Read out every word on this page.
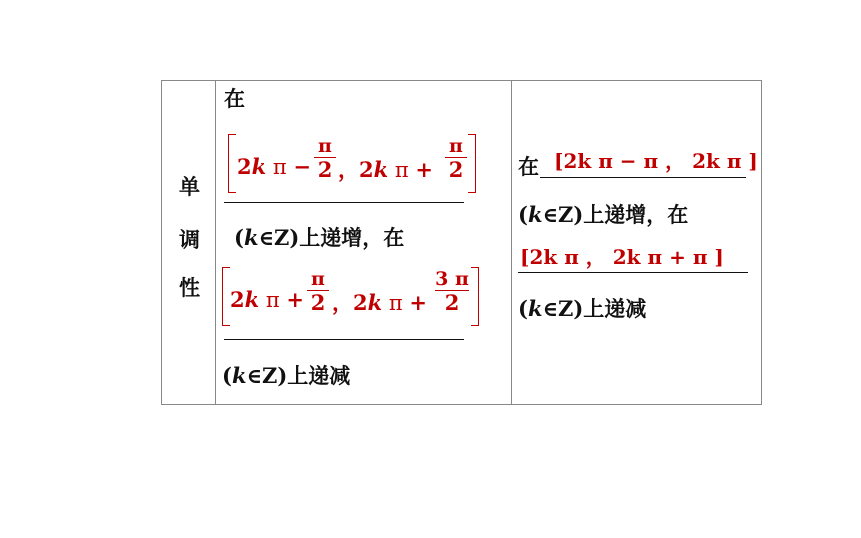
单
调
性
在
2k π −
π
2 ，2k π +
π
2
(k∈Z)上递增，在
2k π +
π
2 ，2k π +
3 π
2
(k∈Z)上递减
在 [2k π − π ， 2k π ]
(k∈Z)上递增，在
[2k π ， 2k π + π ]
(k∈Z)上递减
